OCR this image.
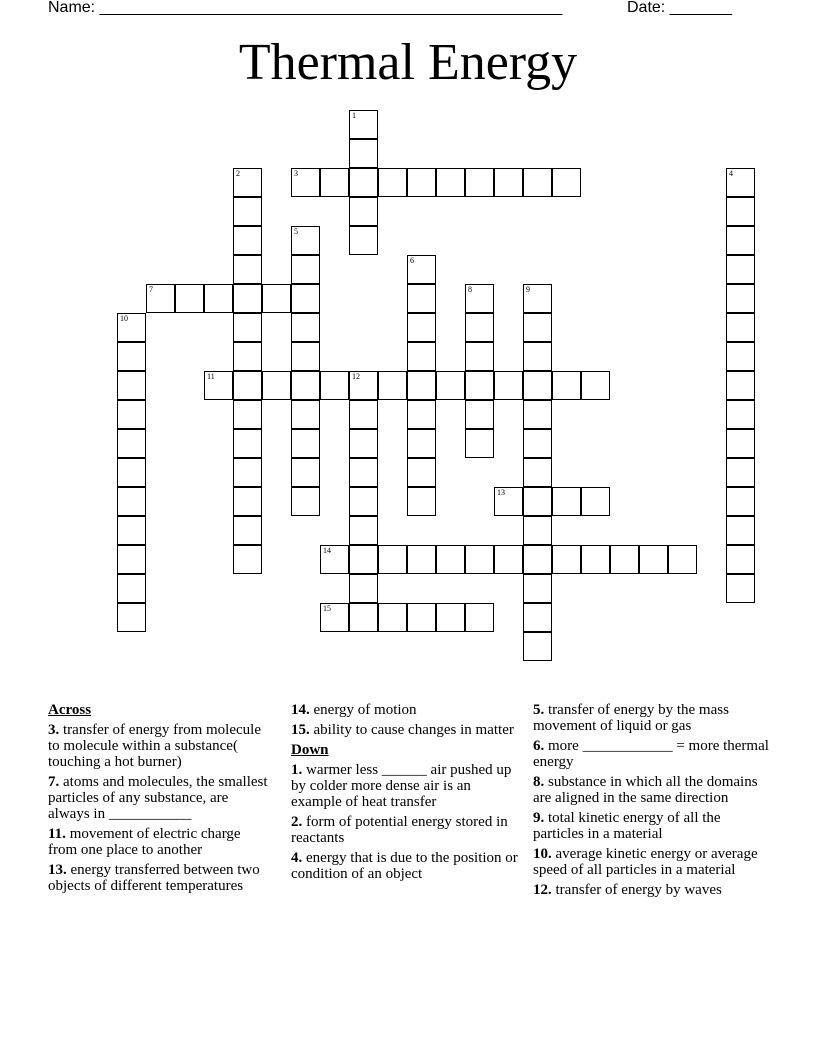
Name: ____________________________________________________	Date: _______
Thermal Energy
1
2	3	4
5
6
7	8	9
10
11	12
13
14
15
Across
3. transfer of energy from molecule to molecule within a substance( touching a hot burner)
7. atoms and molecules, the smallest particles of any substance, are always in ___________
11. movement of electric charge from one place to another
13. energy transferred between two objects of different temperatures
14. energy of motion
15. ability to cause changes in matter
Down
1. warmer less ______ air pushed up by colder more dense air is an example of heat transfer
2. form of potential energy stored in reactants
4. energy that is due to the position or condition of an object
5. transfer of energy by the mass movement of liquid or gas
6. more ____________ = more thermal energy
8. substance in which all the domains are aligned in the same direction
9. total kinetic energy of all the particles in a material
10. average kinetic energy or average speed of all particles in a material
12. transfer of energy by waves
